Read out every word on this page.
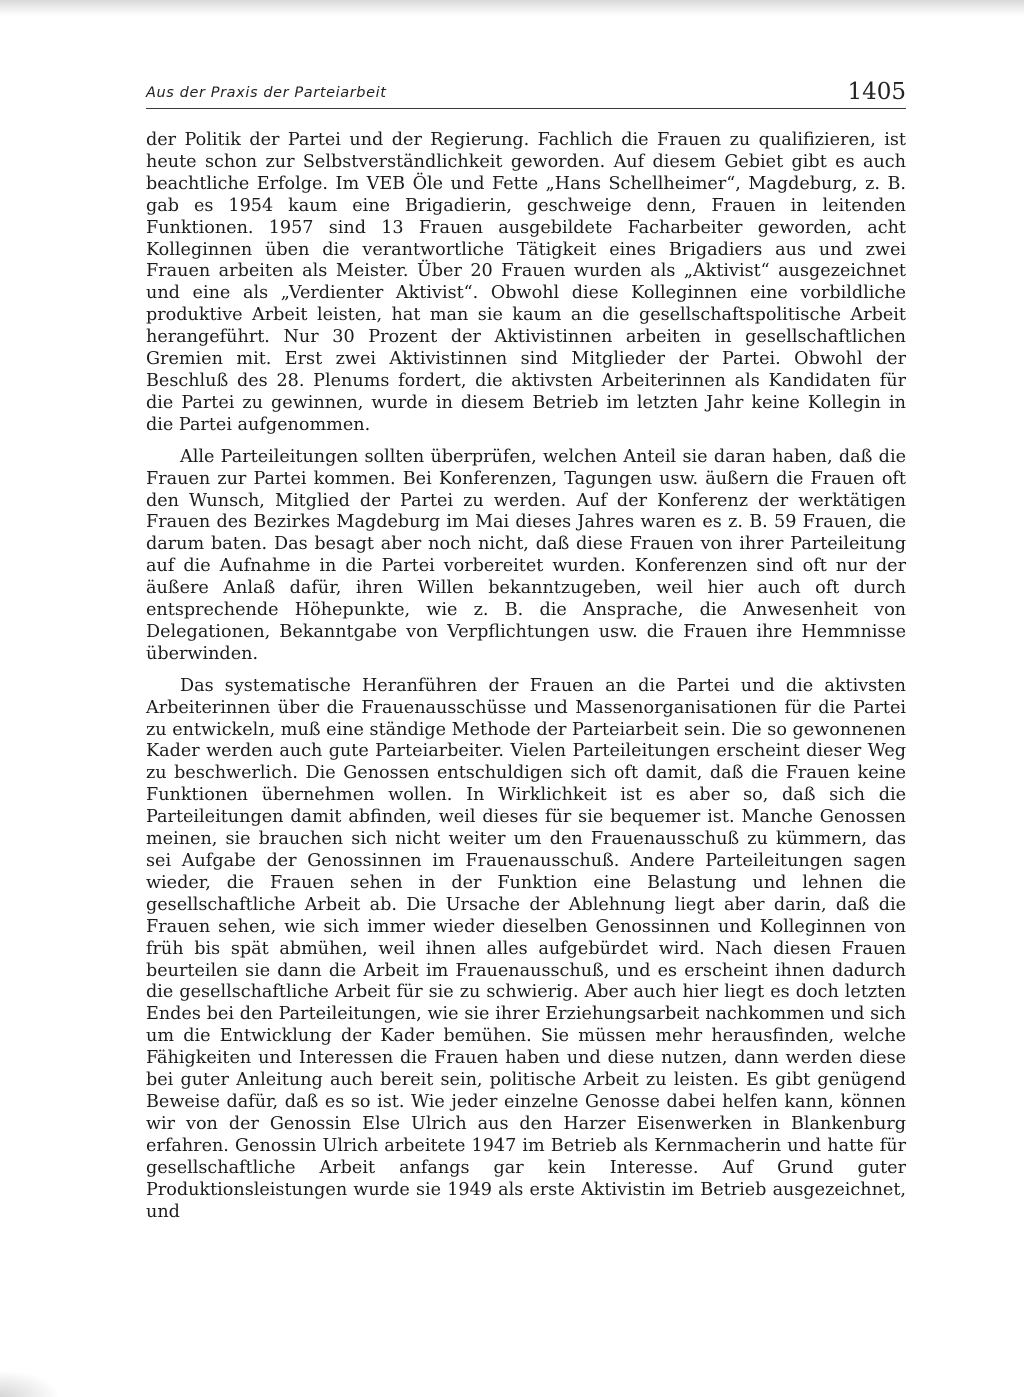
Aus der Praxis der Parteiarbeit	1405

der Politik der Partei und der Regierung. Fachlich die Frauen zu qualifizieren, ist heute schon zur Selbstverständlichkeit geworden. Auf diesem Gebiet gibt es auch beachtliche Erfolge. Im VEB Öle und Fette „Hans Schellheimer“, Magdeburg, z. B. gab es 1954 kaum eine Brigadierin, geschweige denn, Frauen in leitenden Funktionen. 1957 sind 13 Frauen ausgebildete Facharbeiter geworden, acht Kolleginnen üben die verantwortliche Tätigkeit eines Brigadiers aus und zwei Frauen arbeiten als Meister. Über 20 Frauen wurden als „Aktivist“ ausgezeichnet und eine als „Verdienter Aktivist“. Obwohl diese Kolleginnen eine vorbildliche produktive Arbeit leisten, hat man sie kaum an die gesellschaftspolitische Arbeit herangeführt. Nur 30 Prozent der Aktivistinnen arbeiten in gesellschaftlichen Gremien mit. Erst zwei Aktivistinnen sind Mitglieder der Partei. Obwohl der Beschluß des 28. Plenums fordert, die aktivsten Arbeiterinnen als Kandidaten für die Partei zu gewinnen, wurde in diesem Betrieb im letzten Jahr keine Kollegin in die Partei aufgenommen.

Alle Parteileitungen sollten überprüfen, welchen Anteil sie daran haben, daß die Frauen zur Partei kommen. Bei Konferenzen, Tagungen usw. äußern die Frauen oft den Wunsch, Mitglied der Partei zu werden. Auf der Konferenz der werktätigen Frauen des Bezirkes Magdeburg im Mai dieses Jahres waren es z. B. 59 Frauen, die darum baten. Das besagt aber noch nicht, daß diese Frauen von ihrer Parteileitung auf die Aufnahme in die Partei vorbereitet wurden. Konferenzen sind oft nur der äußere Anlaß dafür, ihren Willen bekanntzugeben, weil hier auch oft durch entsprechende Höhepunkte, wie z. B. die Ansprache, die Anwesenheit von Delegationen, Bekanntgabe von Verpflichtungen usw. die Frauen ihre Hemmnisse überwinden.

Das systematische Heranführen der Frauen an die Partei und die aktivsten Arbeiterinnen über die Frauenausschüsse und Massenorganisationen für die Partei zu entwickeln, muß eine ständige Methode der Parteiarbeit sein. Die so gewonnenen Kader werden auch gute Parteiarbeiter. Vielen Parteileitungen erscheint dieser Weg zu beschwerlich. Die Genossen entschuldigen sich oft damit, daß die Frauen keine Funktionen übernehmen wollen. In Wirklichkeit ist es aber so, daß sich die Parteileitungen damit abfinden, weil dieses für sie bequemer ist. Manche Genossen meinen, sie brauchen sich nicht weiter um den Frauenausschuß zu kümmern, das sei Aufgabe der Genossinnen im Frauenausschuß. Andere Parteileitungen sagen wieder, die Frauen sehen in der Funktion eine Belastung und lehnen die gesellschaftliche Arbeit ab. Die Ursache der Ablehnung liegt aber darin, daß die Frauen sehen, wie sich immer wieder dieselben Genossinnen und Kolleginnen von früh bis spät abmühen, weil ihnen alles aufgebürdet wird. Nach diesen Frauen beurteilen sie dann die Arbeit im Frauenausschuß, und es erscheint ihnen dadurch die gesellschaftliche Arbeit für sie zu schwierig. Aber auch hier liegt es doch letzten Endes bei den Parteileitungen, wie sie ihrer Erziehungsarbeit nachkommen und sich um die Entwicklung der Kader bemühen. Sie müssen mehr herausfinden, welche Fähigkeiten und Interessen die Frauen haben und diese nutzen, dann werden diese bei guter Anleitung auch bereit sein, politische Arbeit zu leisten. Es gibt genügend Beweise dafür, daß es so ist. Wie jeder einzelne Genosse dabei helfen kann, können wir von der Genossin Else Ulrich aus den Harzer Eisenwerken in Blankenburg erfahren. Genossin Ulrich arbeitete 1947 im Betrieb als Kernmacherin und hatte für gesellschaftliche Arbeit anfangs gar kein Interesse. Auf Grund guter Produktionsleistungen wurde sie 1949 als erste Aktivistin im Betrieb ausgezeichnet, und
